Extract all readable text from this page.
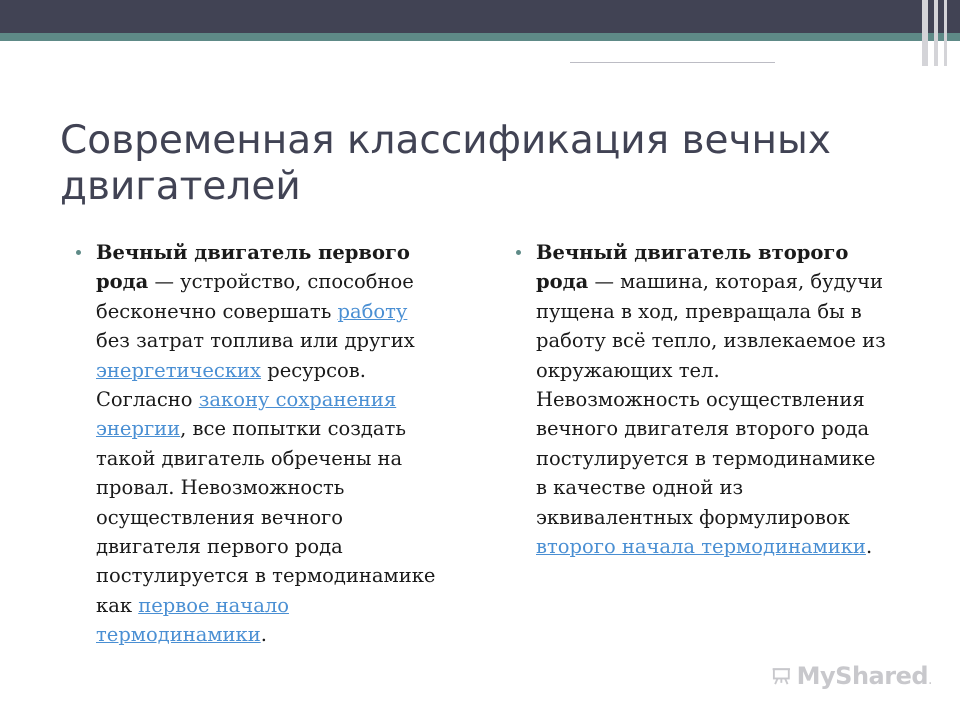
Современная классификация вечных двигателей

Вечный двигатель первого рода — устройство, способное бесконечно совершать работу без затрат топлива или других энергетических ресурсов. Согласно закону сохранения энергии, все попытки создать такой двигатель обречены на провал. Невозможность осуществления вечного двигателя первого рода постулируется в термодинамике как первое начало термодинамики.

Вечный двигатель второго рода — машина, которая, будучи пущена в ход, превращала бы в работу всё тепло, извлекаемое из окружающих тел. Невозможность осуществления вечного двигателя второго рода постулируется в термодинамике в качестве одной из эквивалентных формулировок второго начала термодинамики.

MyShared.
